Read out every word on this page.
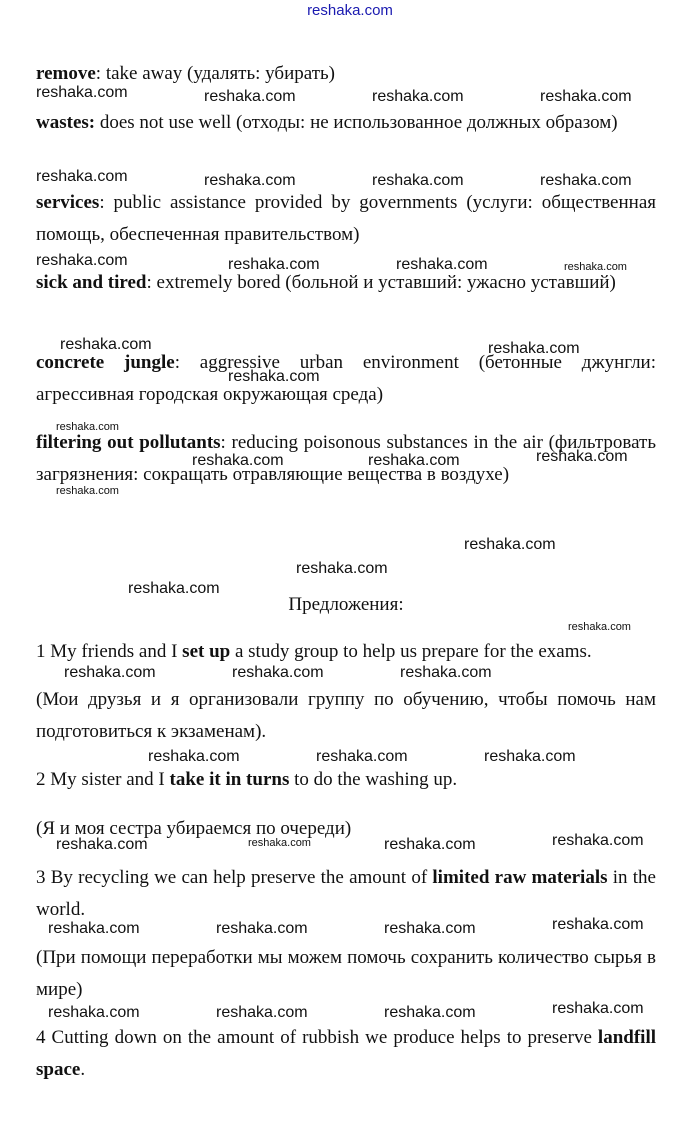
reshaka.com

remove: take away (удалять: убирать)

wastes: does not use well (отходы: не использованное должных образом)

services: public assistance provided by governments (услуги: общественная помощь, обеспеченная правительством)

sick and tired: extremely bored (больной и уставший: ужасно уставший)

concrete jungle: aggressive urban environment (бетонные джунгли: агрессивная городская окружающая среда)

filtering out pollutants: reducing poisonous substances in the air (фильтровать загрязнения: сокращать отравляющие вещества в воздухе)

Предложения:

1 My friends and I set up a study group to help us prepare for the exams.

(Мои друзья и я организовали группу по обучению, чтобы помочь нам подготовиться к экзаменам).

2 My sister and I take it in turns to do the washing up.

(Я и моя сестра убираемся по очереди)

3 By recycling we can help preserve the amount of limited raw materials in the world.

(При помощи переработки мы можем помочь сохранить количество сырья в мире)

4 Cutting down on the amount of rubbish we produce helps to preserve landfill space.

reshaka.com	reshaka.com	reshaka.com	reshaka.com
reshaka.com	reshaka.com	reshaka.com	reshaka.com
reshaka.com	reshaka.com	reshaka.com	reshaka.com
reshaka.com	reshaka.com
reshaka.com
reshaka.com
reshaka.com	reshaka.com	reshaka.com
reshaka.com
reshaka.com
reshaka.com
reshaka.com
reshaka.com
reshaka.com	reshaka.com	reshaka.com
reshaka.com	reshaka.com	reshaka.com
reshaka.com	reshaka.com	reshaka.com	reshaka.com
reshaka.com	reshaka.com	reshaka.com	reshaka.com
reshaka.com	reshaka.com	reshaka.com	reshaka.com
